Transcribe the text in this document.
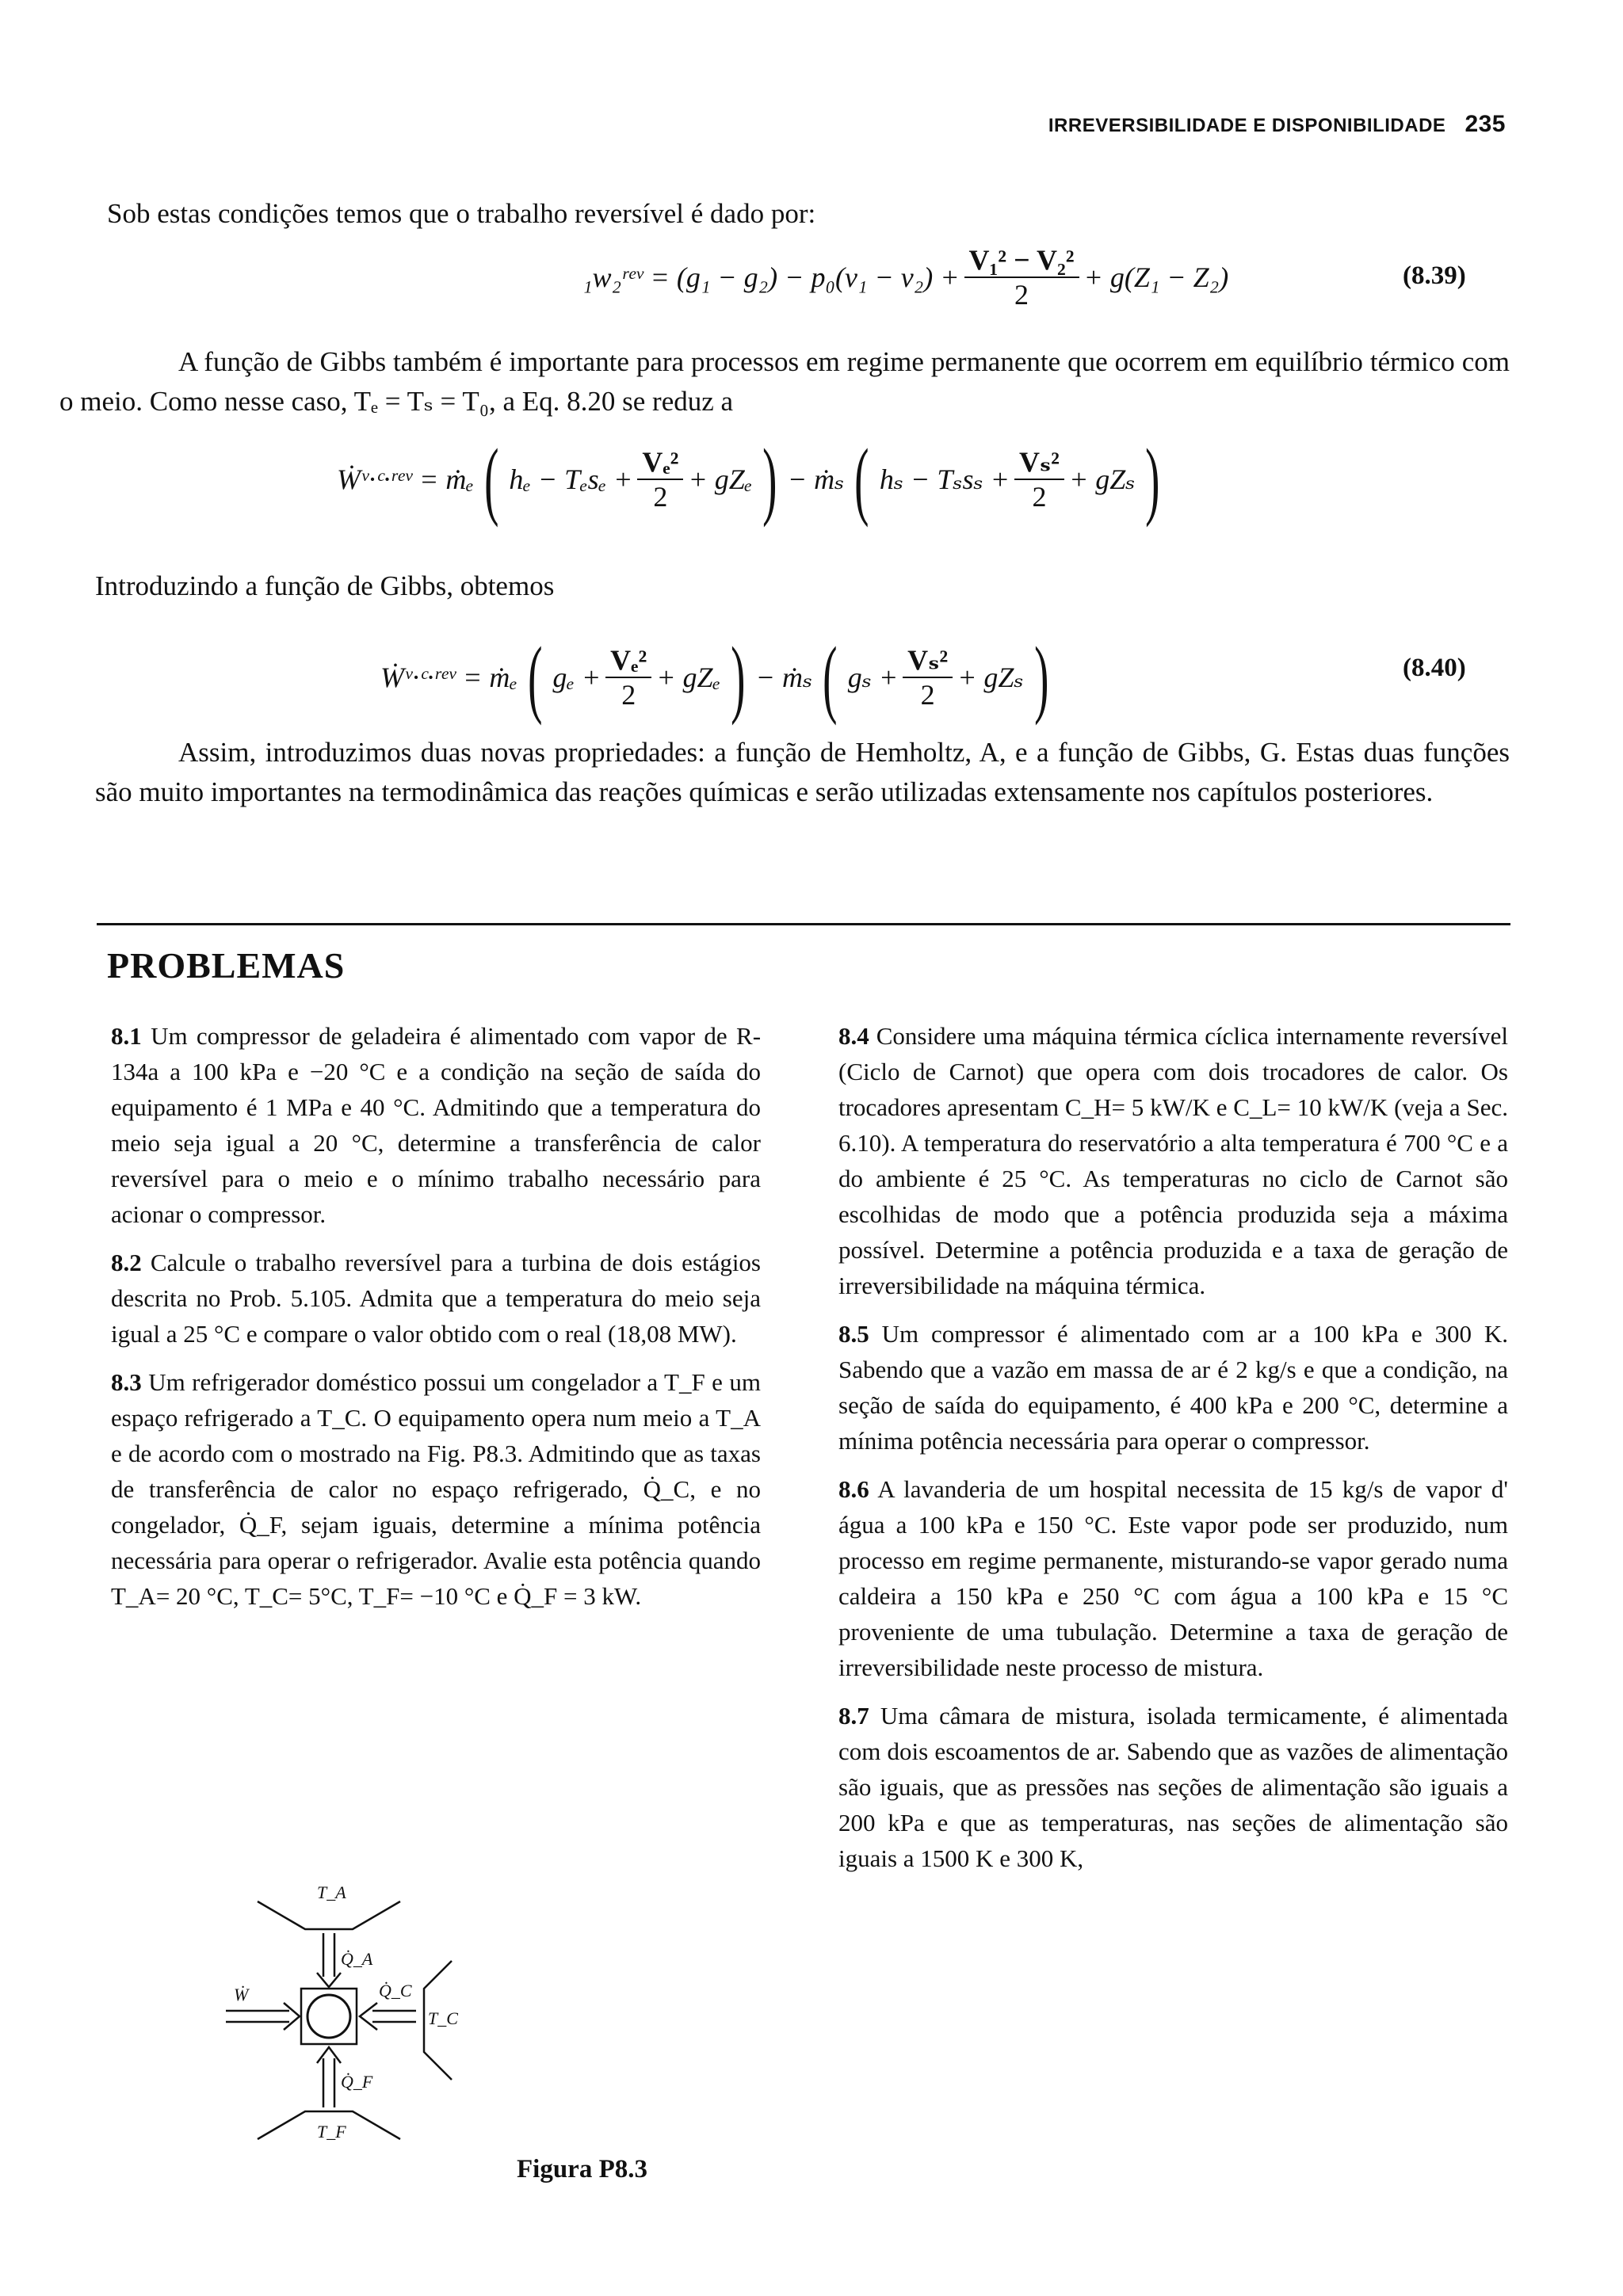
IRREVERSIBILIDADE E DISPONIBILIDADE 235
Sob estas condições temos que o trabalho reversível é dado por:
₁w₂ʳᵉᵛ = $(g_1 - g_2) - p_0(v_1 - v_2) + \frac{\text{V₁² − V₂²}}{2} + g(Z_1 - Z_2)$	(8.39)
A função de Gibbs também é importante para processos em regime permanente que ocorrem em equilíbrio térmico com o meio. Como nesse caso, Tₑ = Tₛ = T₀, a Eq. 8.20 se reduz a
Ẇᵛ·ᶜ·ʳᵉᵛ = ṁₑ ( $h_e - T_es_e + \frac{\text{Vₑ²}}{2} + gZ_e$ ) − ṁₛ ( $h_s - T_ss_s + \frac{\text{Vₛ²}}{2} + gZ_s$ )
Introduzindo a função de Gibbs, obtemos
Ẇᵛ·ᶜ·ʳᵉᵛ = ṁₑ ( $g_e + \frac{\text{Vₑ²}}{2} + gZ_e$ ) − ṁₛ ( $g_s + \frac{\text{Vₛ²}}{2} + gZ_s$ )	(8.40)
Assim, introduzimos duas novas propriedades: a função de Hemholtz, A, e a função de Gibbs, G. Estas duas funções são muito importantes na termodinâmica das reações químicas e serão utilizadas extensamente nos capítulos posteriores.
PROBLEMAS

8.1 Um compressor de geladeira é alimentado com vapor de R-134a a 100 kPa e −20 °C e a condição na seção de saída do equipamento é 1 MPa e 40 °C. Admitindo que a temperatura do meio seja igual a 20 °C, determine a transferência de calor reversível para o meio e o mínimo trabalho necessário para acionar o compressor.

8.2 Calcule o trabalho reversível para a turbina de dois estágios descrita no Prob. 5.105. Admita que a temperatura do meio seja igual a 25 °C e compare o valor obtido com o real (18,08 MW).

8.3 Um refrigerador doméstico possui um congelador a T_F e um espaço refrigerado a T_C. O equipamento opera num meio a T_A e de acordo com o mostrado na Fig. P8.3. Admitindo que as taxas de transferência de calor no espaço refrigerado, Q̇_C, e no congelador, Q̇_F, sejam iguais, determine a mínima potência necessária para operar o refrigerador. Avalie esta potência quando T_A= 20 °C, T_C= 5°C, T_F= −10 °C e Q̇_F = 3 kW.

8.4 Considere uma máquina térmica cíclica internamente reversível (Ciclo de Carnot) que opera com dois trocadores de calor. Os trocadores apresentam C_H= 5 kW/K e C_L= 10 kW/K (veja a Sec. 6.10). A temperatura do reservatório a alta temperatura é 700 °C e a do ambiente é 25 °C. As temperaturas no ciclo de Carnot são escolhidas de modo que a potência produzida seja a máxima possível. Determine a potência produzida e a taxa de geração de irreversibilidade na máquina térmica.

8.5 Um compressor é alimentado com ar a 100 kPa e 300 K. Sabendo que a vazão em massa de ar é 2 kg/s e que a condição, na seção de saída do equipamento, é 400 kPa e 200 °C, determine a mínima potência necessária para operar o compressor.

8.6 A lavanderia de um hospital necessita de 15 kg/s de vapor d' água a 100 kPa e 150 °C. Este vapor pode ser produzido, num processo em regime permanente, misturando-se vapor gerado numa caldeira a 150 kPa e 250 °C com água a 100 kPa e 15 °C proveniente de uma tubulação. Determine a taxa de geração de irreversibilidade neste processo de mistura.

8.7 Uma câmara de mistura, isolada termicamente, é alimentada com dois escoamentos de ar. Sabendo que as vazões de alimentação são iguais, que as pressões nas seções de alimentação são iguais a 200 kPa e que as temperaturas, nas seções de alimentação são iguais a 1500 K e 300 K,

T_A
Q̇_A
Ẇ	Q̇_C
T_C
Q̇_F
T_F
Figura P8.3
